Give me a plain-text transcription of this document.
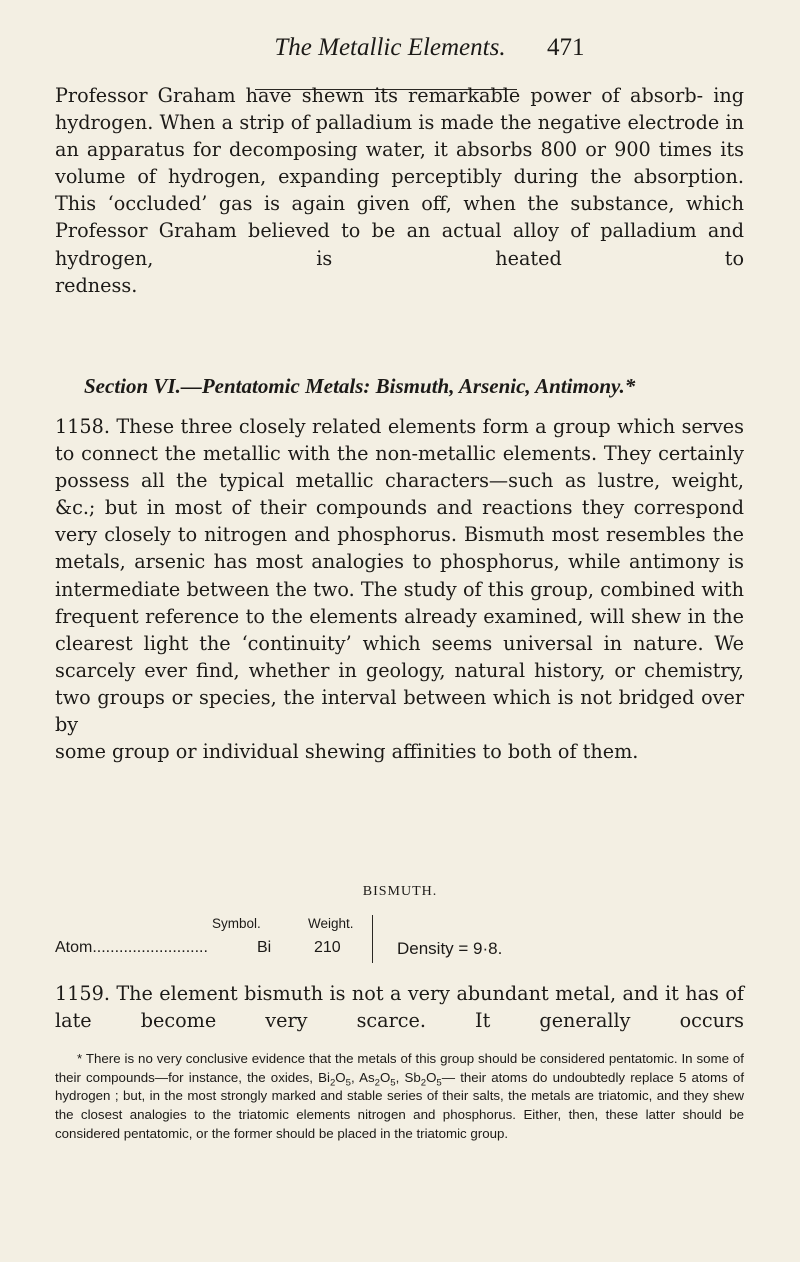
The Metallic Elements.	471

Professor Graham have shewn its remarkable power of absorb- ing hydrogen. When a strip of palladium is made the negative electrode in an apparatus for decomposing water, it absorbs 800 or 900 times its volume of hydrogen, expanding perceptibly during the absorption. This ‘occluded’ gas is again given off, when the substance, which Professor Graham believed to be an actual alloy of palladium and hydrogen, is heated to
redness.

Section VI.—Pentatomic Metals: Bismuth, Arsenic, Antimony.*

1158. These three closely related elements form a group which serves to connect the metallic with the non-metallic elements. They certainly possess all the typical metallic characters—such as lustre, weight, &c.; but in most of their compounds and reactions they correspond very closely to nitrogen and phosphorus. Bismuth most resembles the metals, arsenic has most analogies to phosphorus, while antimony is intermediate between the two. The study of this group, combined with frequent reference to the elements already examined, will shew in the clearest light the ‘continuity’ which seems universal in nature. We scarcely ever find, whether in geology, natural history, or chemistry, two groups or species, the interval between which is not bridged over by
some group or individual shewing affinities to both of them.

BISMUTH.
Symbol.	Weight.
Atom..........................	Bi	210	Density = 9·8.

1159. The element bismuth is not a very abundant metal, and it has of late become very scarce. It generally occurs

* There is no very conclusive evidence that the metals of this group should be considered pentatomic. In some of their compounds—for instance, the oxides, $Bi_2O_5$, $As_2O_5$, $Sb_2O_5—$ their atoms do undoubtedly replace 5 atoms of hydrogen ; but, in the most strongly marked and stable series of their salts, the metals are triatomic, and they shew the closest analogies to the triatomic elements nitrogen and phosphorus. Either, then, these latter should be
considered pentatomic, or the former should be placed in the triatomic group.
